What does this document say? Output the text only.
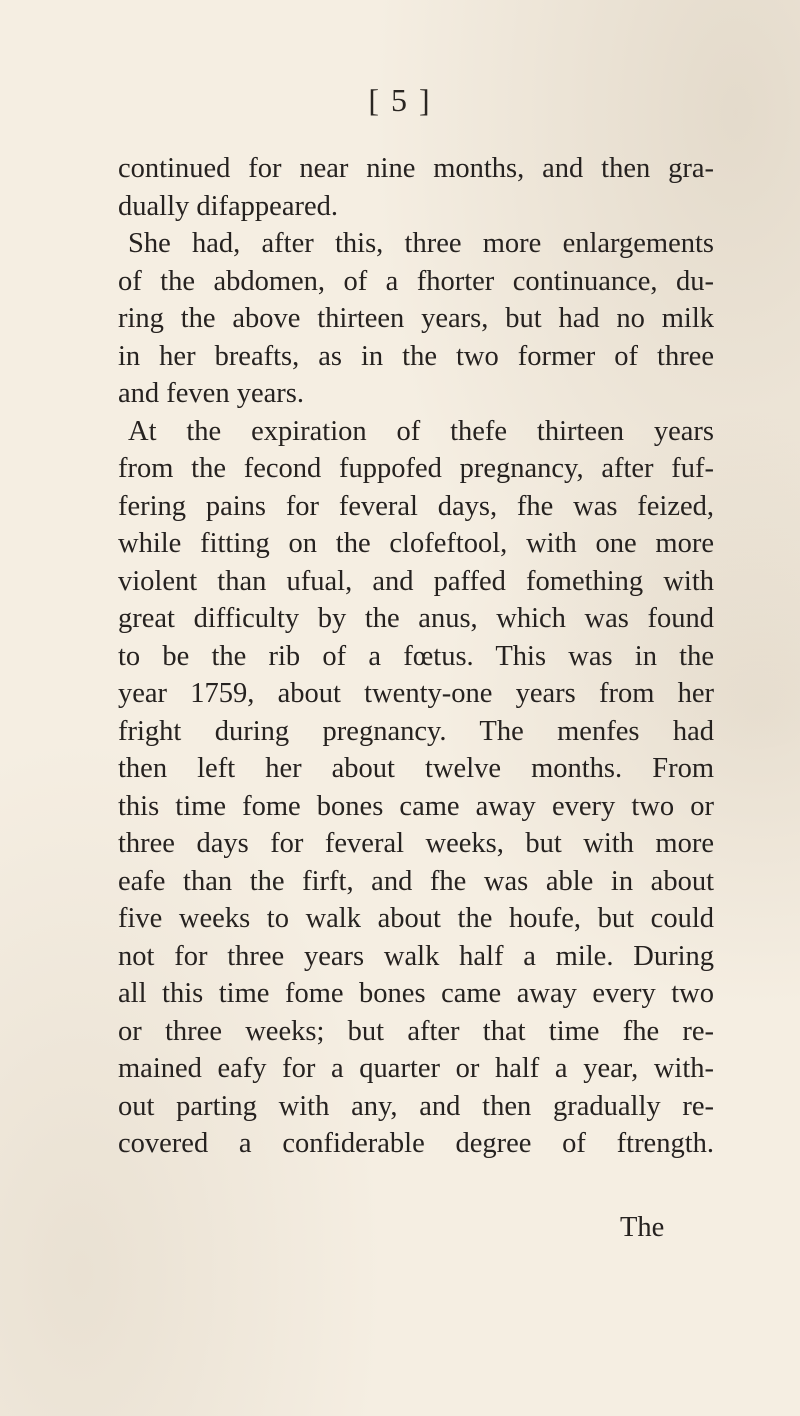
[ 5 ]
continued for near nine months, and then gra-
dually difappeared.
She had, after this, three more enlargements
of the abdomen, of a fhorter continuance, du-
ring the above thirteen years, but had no milk
in her breafts, as in the two former of three
and feven years.
At the expiration of thefe thirteen years
from the fecond fuppofed pregnancy, after fuf-
fering pains for feveral days, fhe was feized,
while fitting on the clofeftool, with one more
violent than ufual, and paffed fomething with
great difficulty by the anus, which was found
to be the rib of a fœtus. This was in the
year 1759, about twenty-one years from her
fright during pregnancy. The menfes had
then left her about twelve months. From
this time fome bones came away every two or
three days for feveral weeks, but with more
eafe than the firft, and fhe was able in about
five weeks to walk about the houfe, but could
not for three years walk half a mile. During
all this time fome bones came away every two
or three weeks; but after that time fhe re-
mained eafy for a quarter or half a year, with-
out parting with any, and then gradually re-
covered a confiderable degree of ftrength.
The
